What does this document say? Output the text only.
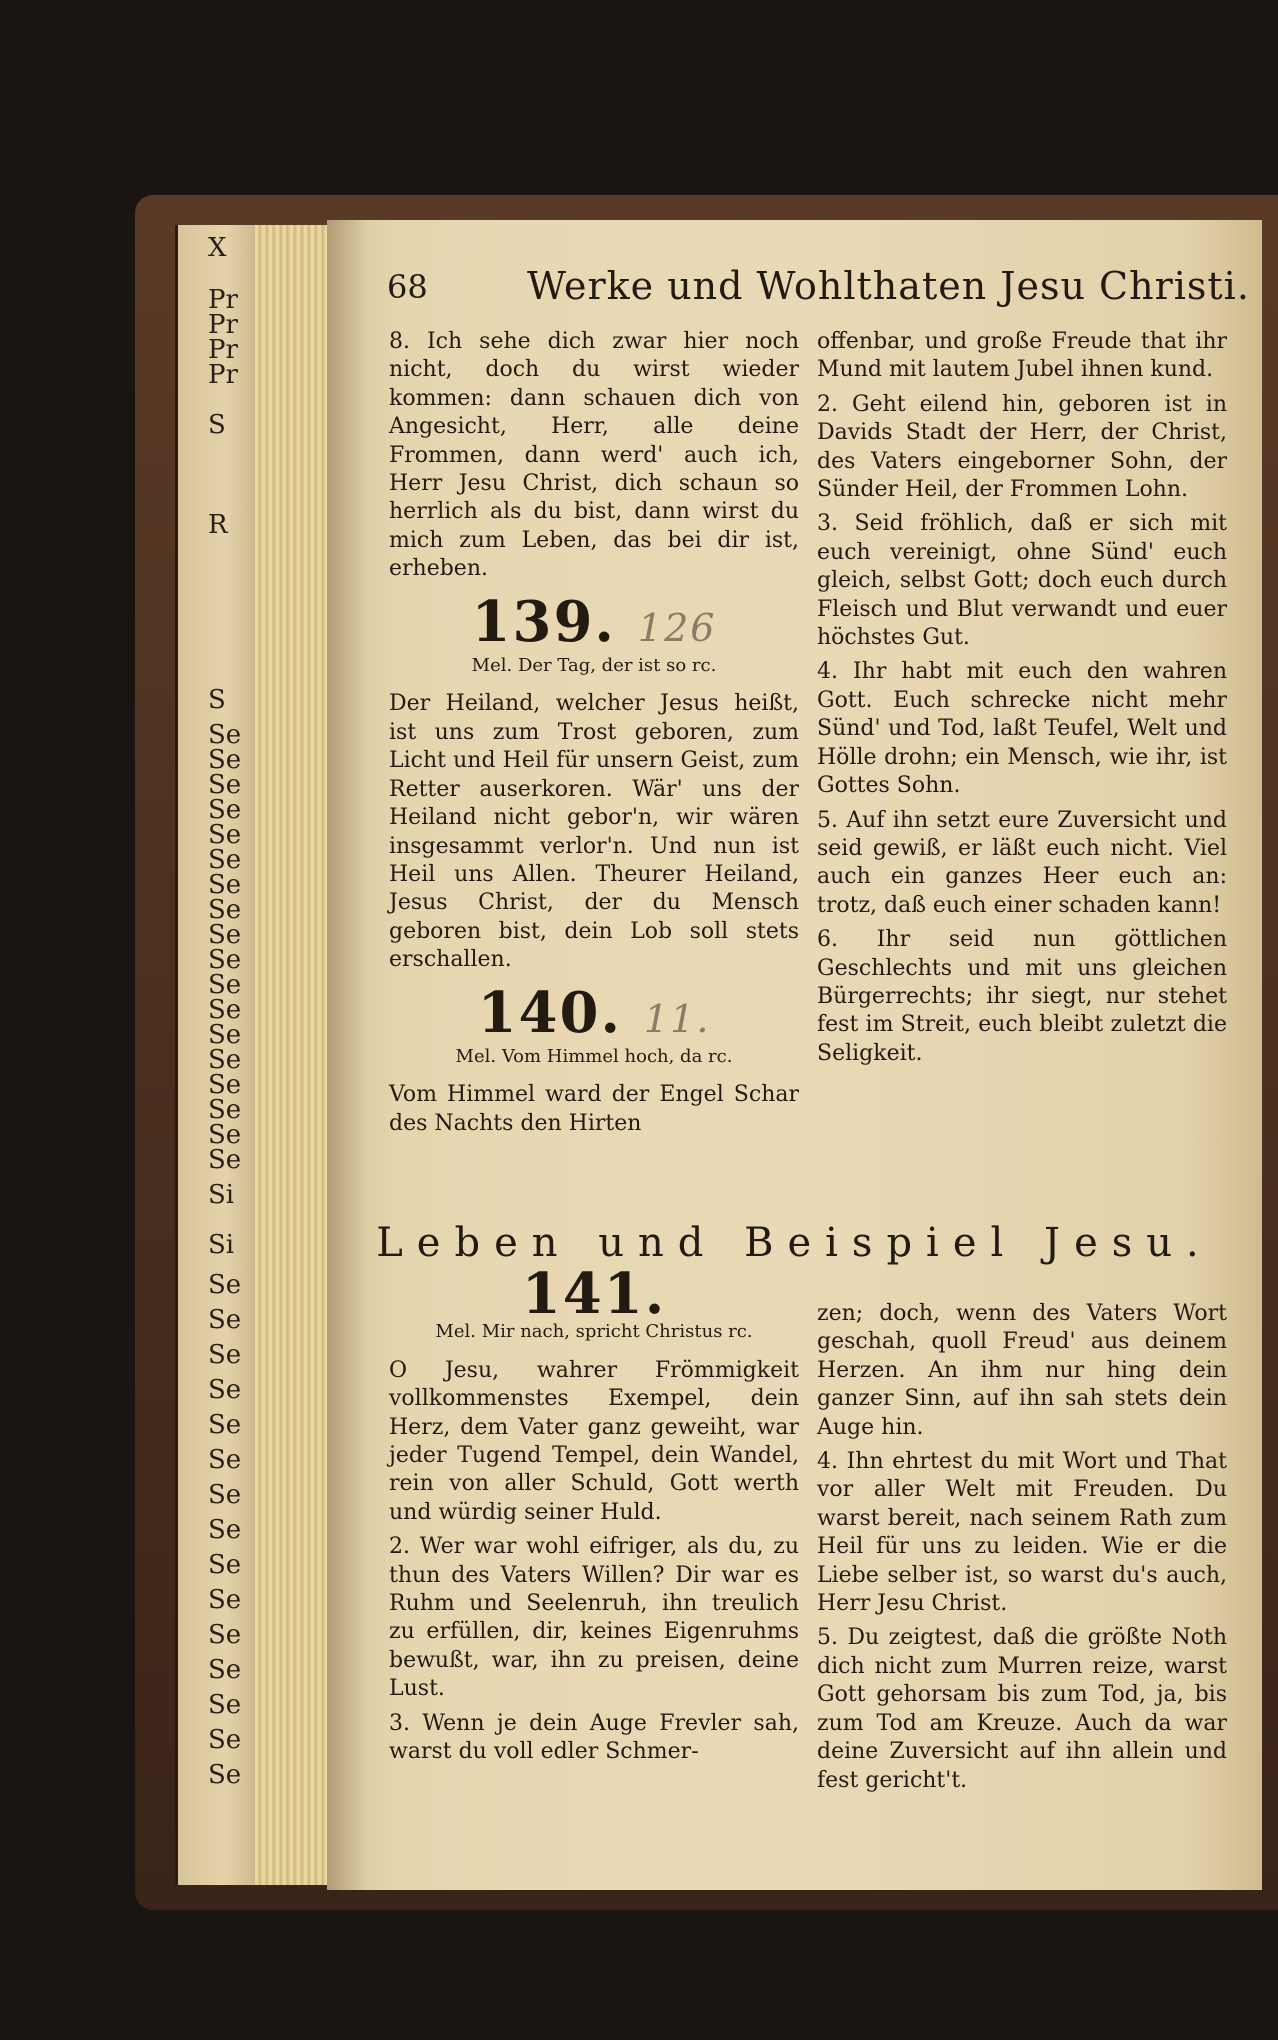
X
Pr
Pr
Pr
Pr
S
R
S
Se
Se
Se
Se
Se
Se
Se
Se
Se
Se
Se
Se
Se
Se
Se
Se
Se
Se
Si
Si
Se
Se
Se
Se
Se
Se
Se
Se
Se
Se
Se
Se
Se
Se
Se
68	Werke und Wohlthaten Jesu Christi.

8. Ich sehe dich zwar hier noch nicht, doch du wirst wieder kommen: dann schauen dich von Angesicht, Herr, alle deine Frommen, dann werd' auch ich, Herr Jesu Christ, dich schaun so herrlich als du bist, dann wirst du mich zum Leben, das bei dir ist, erheben.

139. 126
Mel. Der Tag, der ist so rc.

Der Heiland, welcher Jesus heißt, ist uns zum Trost geboren, zum Licht und Heil für unsern Geist, zum Retter auserkoren. Wär' uns der Heiland nicht gebor'n, wir wären insgesammt verlor'n. Und nun ist Heil uns Allen. Theurer Heiland, Jesus Christ, der du Mensch geboren bist, dein Lob soll stets erschallen.

140. 11.
Mel. Vom Himmel hoch, da rc.

Vom Himmel ward der Engel Schar des Nachts den Hirten

offenbar, und große Freude that ihr Mund mit lautem Jubel ihnen kund.

2. Geht eilend hin, geboren ist in Davids Stadt der Herr, der Christ, des Vaters eingeborner Sohn, der Sünder Heil, der Frommen Lohn.

3. Seid fröhlich, daß er sich mit euch vereinigt, ohne Sünd' euch gleich, selbst Gott; doch euch durch Fleisch und Blut verwandt und euer höchstes Gut.

4. Ihr habt mit euch den wahren Gott. Euch schrecke nicht mehr Sünd' und Tod, laßt Teufel, Welt und Hölle drohn; ein Mensch, wie ihr, ist Gottes Sohn.

5. Auf ihn setzt eure Zuversicht und seid gewiß, er läßt euch nicht. Viel auch ein ganzes Heer euch an: trotz, daß euch einer schaden kann!

6. Ihr seid nun göttlichen Geschlechts und mit uns gleichen Bürgerrechts; ihr siegt, nur stehet fest im Streit, euch bleibt zuletzt die Seligkeit.

Leben und Beispiel Jesu.
141.
Mel. Mir nach, spricht Christus rc.

O Jesu, wahrer Frömmigkeit vollkommenstes Exempel, dein Herz, dem Vater ganz geweiht, war jeder Tugend Tempel, dein Wandel, rein von aller Schuld, Gott werth und würdig seiner Huld.

2. Wer war wohl eifriger, als du, zu thun des Vaters Willen? Dir war es Ruhm und Seelenruh, ihn treulich zu erfüllen, dir, keines Eigenruhms bewußt, war, ihn zu preisen, deine Lust.

3. Wenn je dein Auge Frevler sah, warst du voll edler Schmer-

zen; doch, wenn des Vaters Wort geschah, quoll Freud' aus deinem Herzen. An ihm nur hing dein ganzer Sinn, auf ihn sah stets dein Auge hin.

4. Ihn ehrtest du mit Wort und That vor aller Welt mit Freuden. Du warst bereit, nach seinem Rath zum Heil für uns zu leiden. Wie er die Liebe selber ist, so warst du's auch, Herr Jesu Christ.

5. Du zeigtest, daß die größte Noth dich nicht zum Murren reize, warst Gott gehorsam bis zum Tod, ja, bis zum Tod am Kreuze. Auch da war deine Zuversicht auf ihn allein und fest gericht't.
